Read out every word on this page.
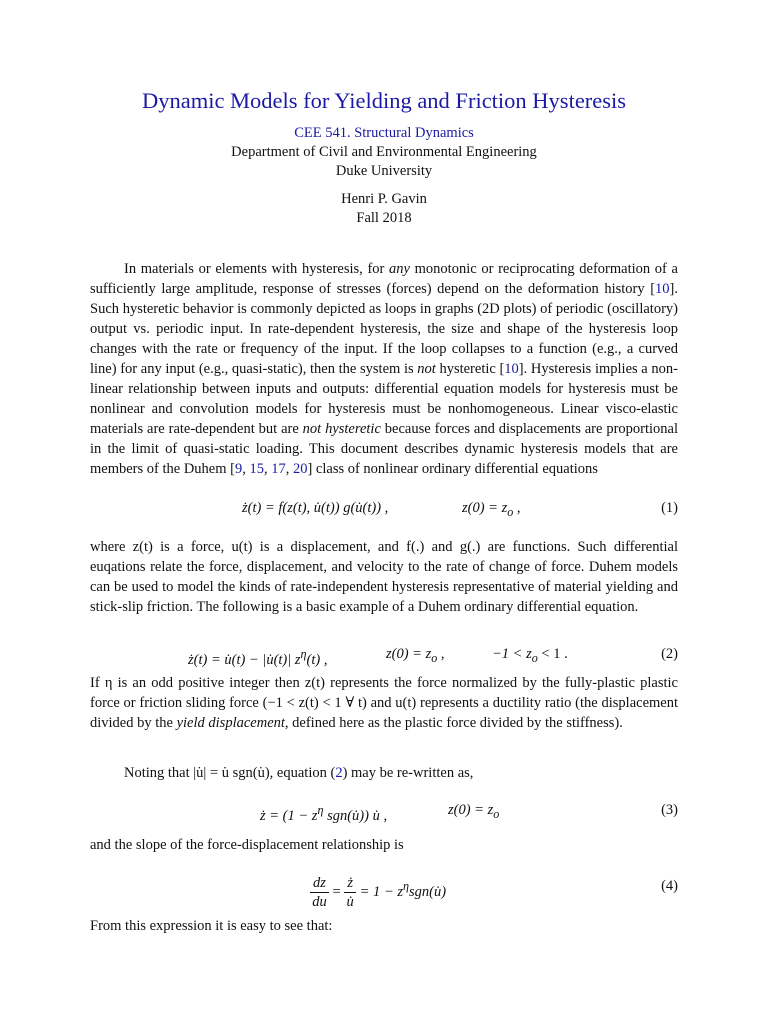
Dynamic Models for Yielding and Friction Hysteresis
CEE 541. Structural Dynamics
Department of Civil and Environmental Engineering
Duke University
Henri P. Gavin
Fall 2018

In materials or elements with hysteresis, for any monotonic or reciprocating deformation of a sufficiently large amplitude, response of stresses (forces) depend on the deformation history [10]. Such hysteretic behavior is commonly depicted as loops in graphs (2D plots) of periodic (oscillatory) output vs. periodic input. In rate-dependent hysteresis, the size and shape of the hysteresis loop changes with the rate or frequency of the input. If the loop collapses to a function (e.g., a curved line) for any input (e.g., quasi-static), then the system is not hysteretic [10]. Hysteresis implies a non-linear relationship between inputs and outputs: differential equation models for hysteresis must be nonlinear and convolution models for hysteresis must be nonhomogeneous. Linear visco-elastic materials are rate-dependent but are not hysteretic because forces and displacements are proportional in the limit of quasi-static loading. This document describes dynamic hysteresis models that are members of the Duhem [9, 15, 17, 20] class of nonlinear ordinary differential equations

ż(t) = f(z(t), u̇(t)) g(u̇(t)) ,	$z(0) = z_o$ ,	(1)

where z(t) is a force, u(t) is a displacement, and f(.) and g(.) are functions. Such differential euqations relate the force, displacement, and velocity to the rate of change of force. Duhem models can be used to model the kinds of rate-independent hysteresis representative of material yielding and stick-slip friction. The following is a basic example of a Duhem ordinary differential equation.

ż(t) = u̇(t) − |u̇(t)| $z^\eta(t)$ ,	$z(0) = z_o$ ,	$-1 < z_o < 1$ .	(2)

If η is an odd positive integer then z(t) represents the force normalized by the fully-plastic plastic force or friction sliding force (−1 < z(t) < 1 ∀ t) and u(t) represents a ductility ratio (the displacement divided by the yield displacement, defined here as the plastic force divided by the stiffness).

Noting that |u̇| = u̇ sgn(u̇), equation (2) may be re-written as,

ż = ($1 - z^\eta$ sgn(u̇)) u̇ ,	$z(0) = z_o$	(3)

and the slope of the force-displacement relationship is

$\frac{dz}{du} = \frac{ż}{u̇} = 1$ − $z^\eta sgn(u̇)$	(4)

From this expression it is easy to see that:
